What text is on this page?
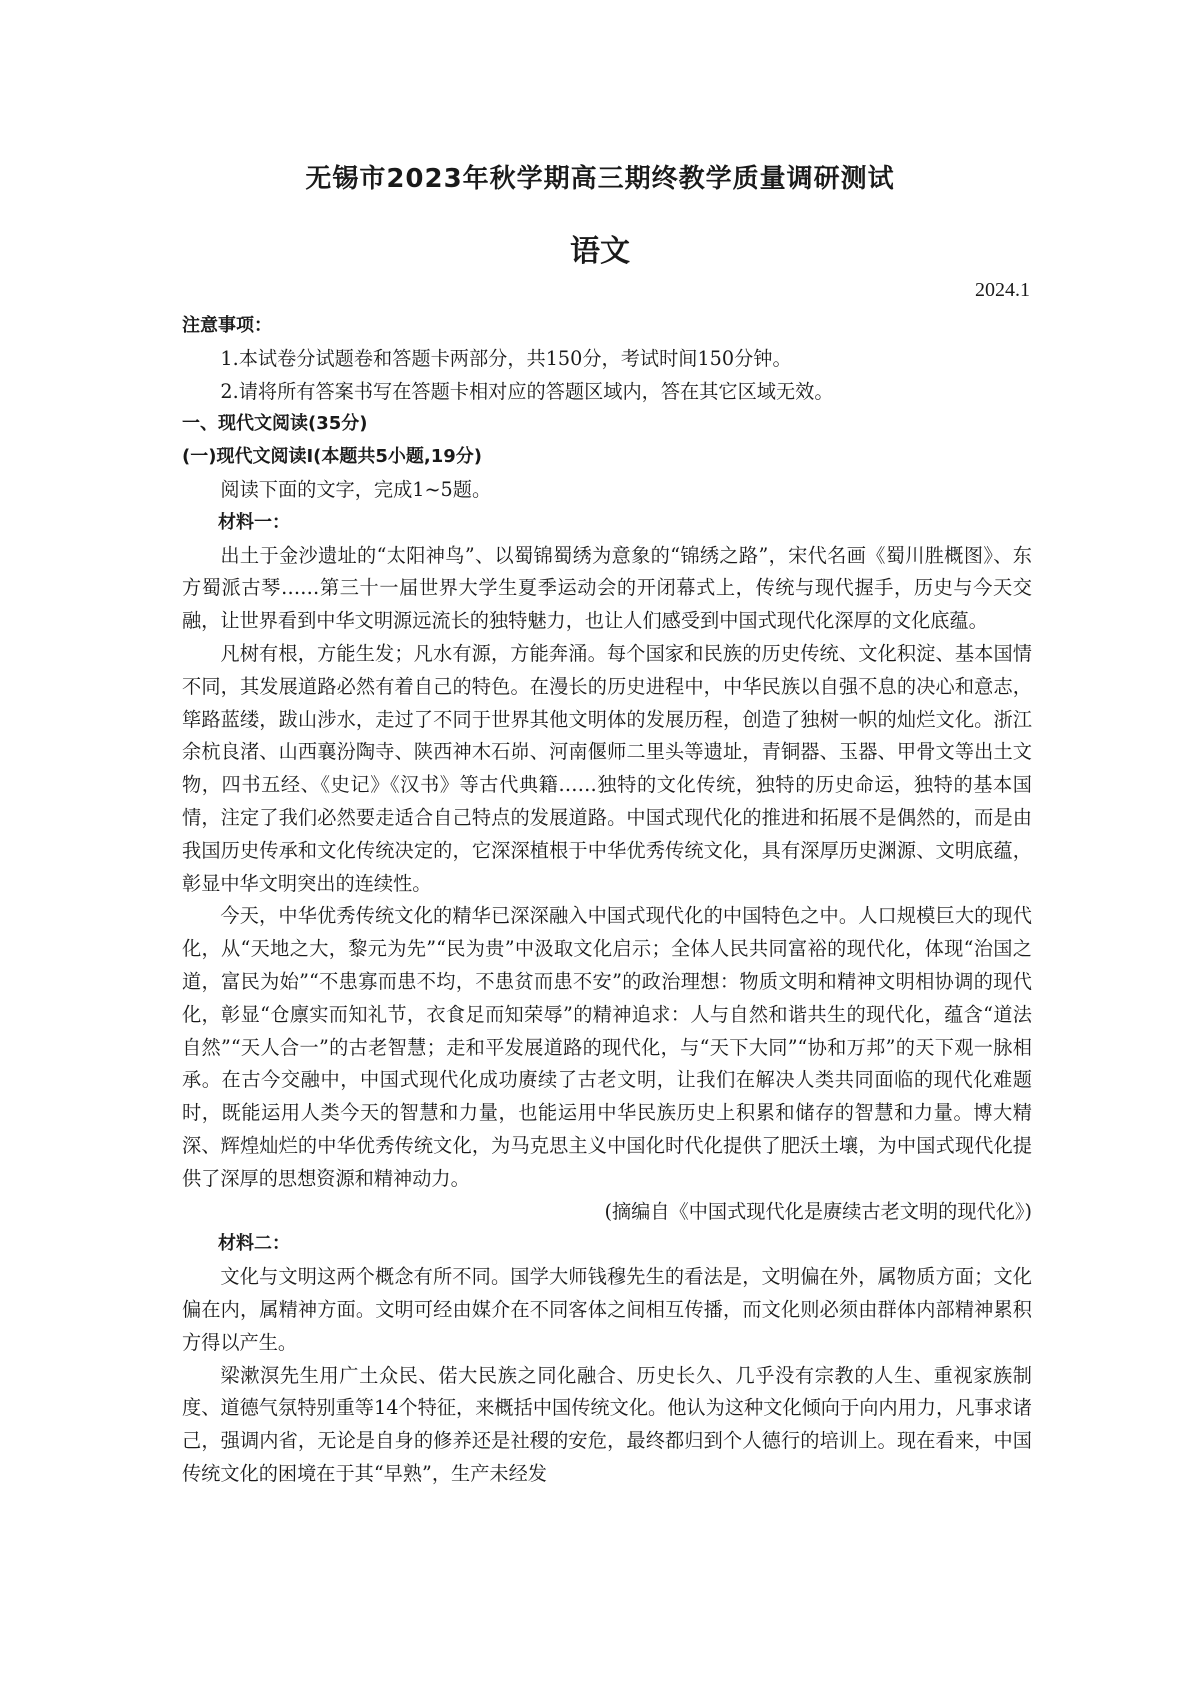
无锡市2023年秋学期高三期终教学质量调研测试
语文
2024.1

注意事项：

1.本试卷分试题卷和答题卡两部分，共150分，考试时间150分钟。

2.请将所有答案书写在答题卡相对应的答题区域内，答在其它区域无效。

一、现代文阅读(35分)

(一)现代文阅读Ⅰ(本题共5小题,19分)

阅读下面的文字，完成1~5题。

材料一：

出土于金沙遗址的“太阳神鸟”、以蜀锦蜀绣为意象的“锦绣之路”，宋代名画《蜀川胜概图》、东方蜀派古琴……第三十一届世界大学生夏季运动会的开闭幕式上，传统与现代握手，历史与今天交融，让世界看到中华文明源远流长的独特魅力，也让人们感受到中国式现代化深厚的文化底蕴。

凡树有根，方能生发；凡水有源，方能奔涌。每个国家和民族的历史传统、文化积淀、基本国情不同，其发展道路必然有着自己的特色。在漫长的历史进程中，中华民族以自强不息的决心和意志，筚路蓝缕，跋山涉水，走过了不同于世界其他文明体的发展历程，创造了独树一帜的灿烂文化。浙江余杭良渚、山西襄汾陶寺、陕西神木石峁、河南偃师二里头等遗址，青铜器、玉器、甲骨文等出土文物，四书五经、《史记》《汉书》等古代典籍……独特的文化传统，独特的历史命运，独特的基本国情，注定了我们必然要走适合自己特点的发展道路。中国式现代化的推进和拓展不是偶然的，而是由我国历史传承和文化传统决定的，它深深植根于中华优秀传统文化，具有深厚历史渊源、文明底蕴，彰显中华文明突出的连续性。

今天，中华优秀传统文化的精华已深深融入中国式现代化的中国特色之中。人口规模巨大的现代化，从“天地之大，黎元为先”“民为贵”中汲取文化启示；全体人民共同富裕的现代化，体现“治国之道，富民为始”“不患寡而患不均，不患贫而患不安”的政治理想：物质文明和精神文明相协调的现代化，彰显“仓廪实而知礼节，衣食足而知荣辱”的精神追求：人与自然和谐共生的现代化，蕴含“道法自然”“天人合一”的古老智慧；走和平发展道路的现代化，与“天下大同”“协和万邦”的天下观一脉相承。在古今交融中，中国式现代化成功赓续了古老文明，让我们在解决人类共同面临的现代化难题时，既能运用人类今天的智慧和力量，也能运用中华民族历史上积累和储存的智慧和力量。博大精深、辉煌灿烂的中华优秀传统文化，为马克思主义中国化时代化提供了肥沃土壤，为中国式现代化提供了深厚的思想资源和精神动力。

(摘编自《中国式现代化是赓续古老文明的现代化》)

材料二：

文化与文明这两个概念有所不同。国学大师钱穆先生的看法是，文明偏在外，属物质方面；文化偏在内，属精神方面。文明可经由媒介在不同客体之间相互传播，而文化则必须由群体内部精神累积方得以产生。

梁漱溟先生用广土众民、偌大民族之同化融合、历史长久、几乎没有宗教的人生、重视家族制度、道德气氛特别重等14个特征，来概括中国传统文化。他认为这种文化倾向于向内用力，凡事求诸己，强调内省，无论是自身的修养还是社稷的安危，最终都归到个人德行的培训上。现在看来，中国传统文化的困境在于其“早熟”，生产未经发
